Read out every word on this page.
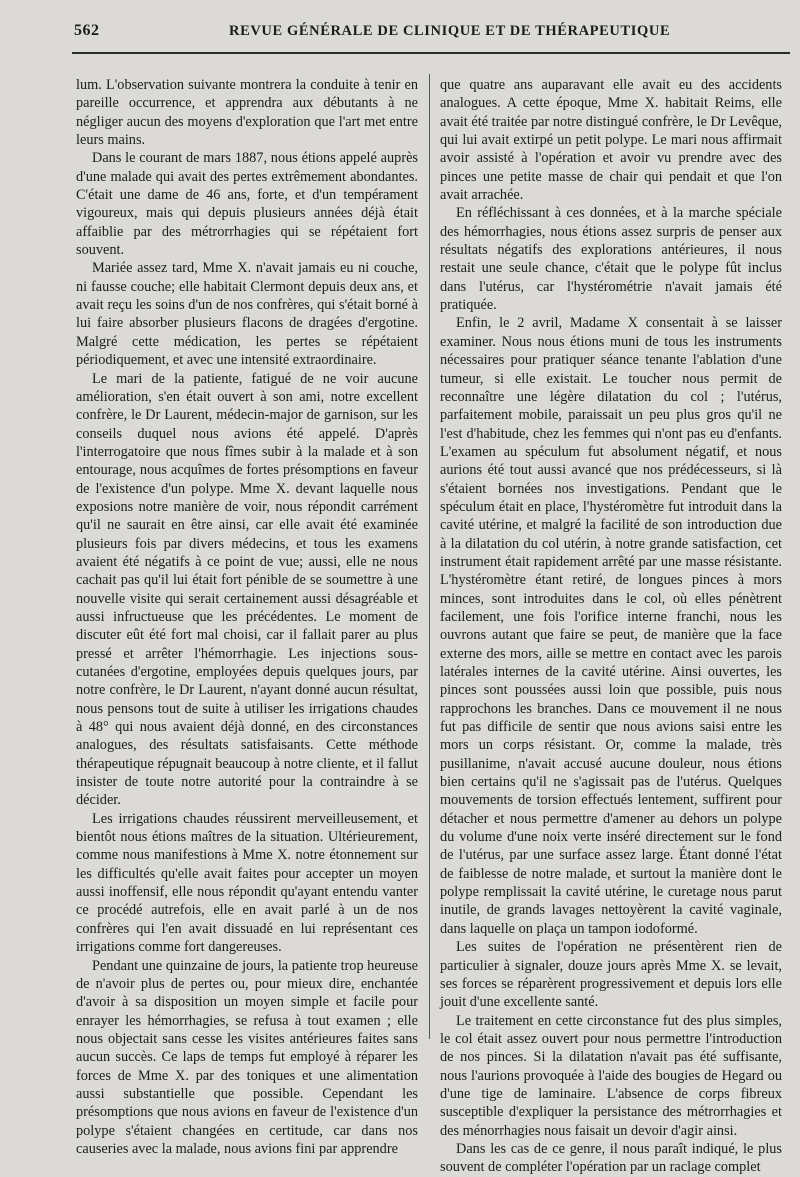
562	REVUE GÉNÉRALE DE CLINIQUE ET DE THÉRAPEUTIQUE

lum. L'observation suivante montrera la conduite à tenir en pareille occurrence, et apprendra aux débutants à ne négliger aucun des moyens d'exploration que l'art met entre leurs mains.

Dans le courant de mars 1887, nous étions appelé auprès d'une malade qui avait des pertes extrêmement abondantes. C'était une dame de 46 ans, forte, et d'un tempérament vigoureux, mais qui depuis plusieurs années déjà était affaiblie par des métrorrhagies qui se répétaient fort souvent.

Mariée assez tard, Mme X. n'avait jamais eu ni couche, ni fausse couche; elle habitait Clermont depuis deux ans, et avait reçu les soins d'un de nos confrères, qui s'était borné à lui faire absorber plusieurs flacons de dragées d'ergotine. Malgré cette médication, les pertes se répétaient périodiquement, et avec une intensité extraordinaire.

Le mari de la patiente, fatigué de ne voir aucune amélioration, s'en était ouvert à son ami, notre excellent confrère, le Dr Laurent, médecin-major de garnison, sur les conseils duquel nous avions été appelé. D'après l'interrogatoire que nous fîmes subir à la malade et à son entourage, nous acquîmes de fortes présomptions en faveur de l'existence d'un polype. Mme X. devant laquelle nous exposions notre manière de voir, nous répondit carrément qu'il ne saurait en être ainsi, car elle avait été examinée plusieurs fois par divers médecins, et tous les examens avaient été négatifs à ce point de vue; aussi, elle ne nous cachait pas qu'il lui était fort pénible de se soumettre à une nouvelle visite qui serait certainement aussi désagréable et aussi infructueuse que les précédentes. Le moment de discuter eût été fort mal choisi, car il fallait parer au plus pressé et arrêter l'hémorrhagie. Les injections sous-cutanées d'ergotine, employées depuis quelques jours, par notre confrère, le Dr Laurent, n'ayant donné aucun résultat, nous pensons tout de suite à utiliser les irrigations chaudes à 48° qui nous avaient déjà donné, en des circonstances analogues, des résultats satisfaisants. Cette méthode thérapeutique répugnait beaucoup à notre cliente, et il fallut insister de toute notre autorité pour la contraindre à se décider.

Les irrigations chaudes réussirent merveilleusement, et bientôt nous étions maîtres de la situation. Ultérieurement, comme nous manifestions à Mme X. notre étonnement sur les difficultés qu'elle avait faites pour accepter un moyen aussi inoffensif, elle nous répondit qu'ayant entendu vanter ce procédé autrefois, elle en avait parlé à un de nos confrères qui l'en avait dissuadé en lui représentant ces irrigations comme fort dangereuses.

Pendant une quinzaine de jours, la patiente trop heureuse de n'avoir plus de pertes ou, pour mieux dire, enchantée d'avoir à sa disposition un moyen simple et facile pour enrayer les hémorrhagies, se refusa à tout examen ; elle nous objectait sans cesse les visites antérieures faites sans aucun succès. Ce laps de temps fut employé à réparer les forces de Mme X. par des toniques et une alimentation aussi substantielle que possible. Cependant les présomptions que nous avions en faveur de l'existence d'un polype s'étaient changées en certitude, car dans nos causeries avec la malade, nous avions fini par apprendre

que quatre ans auparavant elle avait eu des accidents analogues. A cette époque, Mme X. habitait Reims, elle avait été traitée par notre distingué confrère, le Dr Levêque, qui lui avait extirpé un petit polype. Le mari nous affirmait avoir assisté à l'opération et avoir vu prendre avec des pinces une petite masse de chair qui pendait et que l'on avait arrachée.

En réfléchissant à ces données, et à la marche spéciale des hémorrhagies, nous étions assez surpris de penser aux résultats négatifs des explorations antérieures, il nous restait une seule chance, c'était que le polype fût inclus dans l'utérus, car l'hystérométrie n'avait jamais été pratiquée.

Enfin, le 2 avril, Madame X consentait à se laisser examiner. Nous nous étions muni de tous les instruments nécessaires pour pratiquer séance tenante l'ablation d'une tumeur, si elle existait. Le toucher nous permit de reconnaître une légère dilatation du col ; l'utérus, parfaitement mobile, paraissait un peu plus gros qu'il ne l'est d'habitude, chez les femmes qui n'ont pas eu d'enfants. L'examen au spéculum fut absolument négatif, et nous aurions été tout aussi avancé que nos prédécesseurs, si là s'étaient bornées nos investigations. Pendant que le spéculum était en place, l'hystéromètre fut introduit dans la cavité utérine, et malgré la facilité de son introduction due à la dilatation du col utérin, à notre grande satisfaction, cet instrument était rapidement arrêté par une masse résistante. L'hystéromètre étant retiré, de longues pinces à mors minces, sont introduites dans le col, où elles pénètrent facilement, une fois l'orifice interne franchi, nous les ouvrons autant que faire se peut, de manière que la face externe des mors, aille se mettre en contact avec les parois latérales internes de la cavité utérine. Ainsi ouvertes, les pinces sont poussées aussi loin que possible, puis nous rapprochons les branches. Dans ce mouvement il ne nous fut pas difficile de sentir que nous avions saisi entre les mors un corps résistant. Or, comme la malade, très pusillanime, n'avait accusé aucune douleur, nous étions bien certains qu'il ne s'agissait pas de l'utérus. Quelques mouvements de torsion effectués lentement, suffirent pour détacher et nous permettre d'amener au dehors un polype du volume d'une noix verte inséré directement sur le fond de l'utérus, par une surface assez large. Étant donné l'état de faiblesse de notre malade, et surtout la manière dont le polype remplissait la cavité utérine, le curetage nous parut inutile, de grands lavages nettoyèrent la cavité vaginale, dans laquelle on plaça un tampon iodoformé.

Les suites de l'opération ne présentèrent rien de particulier à signaler, douze jours après Mme X. se levait, ses forces se réparèrent progressivement et depuis lors elle jouit d'une excellente santé.

Le traitement en cette circonstance fut des plus simples, le col était assez ouvert pour nous permettre l'introduction de nos pinces. Si la dilatation n'avait pas été suffisante, nous l'aurions provoquée à l'aide des bougies de Hegard ou d'une tige de laminaire. L'absence de corps fibreux susceptible d'expliquer la persistance des métrorrhagies et des ménorrhagies nous faisait un devoir d'agir ainsi.

Dans les cas de ce genre, il nous paraît indiqué, le plus souvent de compléter l'opération par un raclage complet
